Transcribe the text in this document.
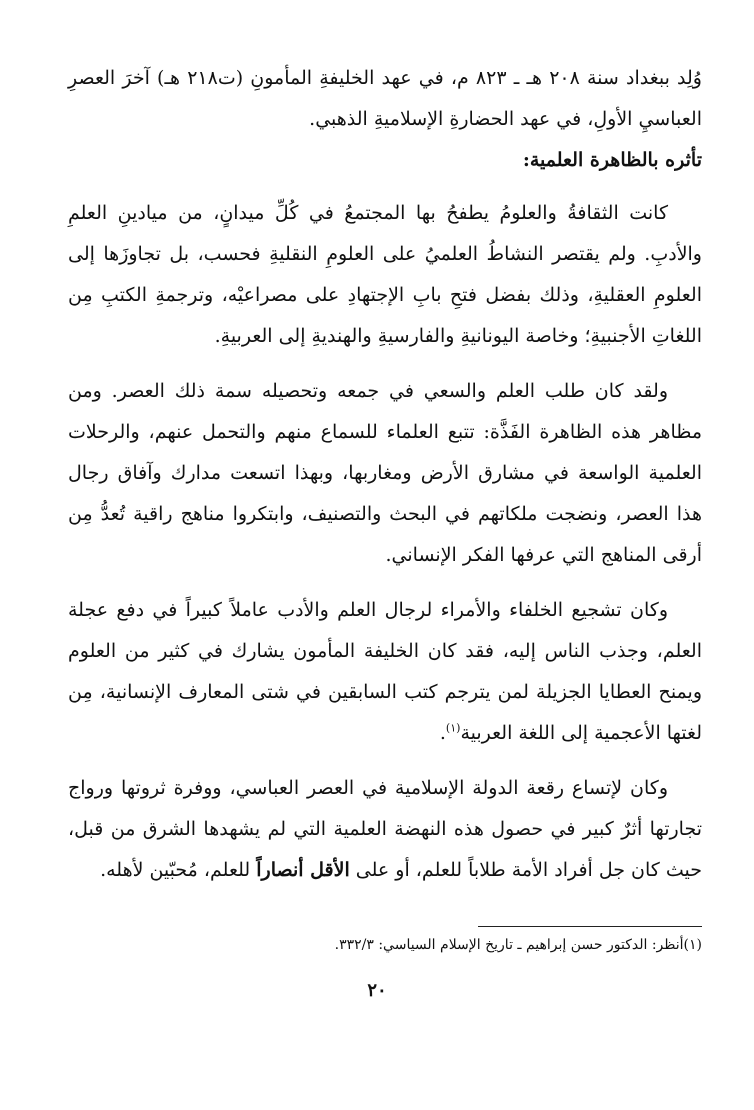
وُلِد ببغداد سنة ٢٠٨ هـ ـ ٨٢٣ م، في عهد الخليفةِ المأمونِ (ت٢١٨ هـ) آخرَ العصرِ العباسيِ الأولِ، في عهد الحضارةِ الإسلاميةِ الذهبي.

تأثره بالظاهرة العلمية:

كانت الثقافةُ والعلومُ يطفحُ بها المجتمعُ في كُلِّ ميدانٍ، من ميادينِ العلمِ والأدبِ. ولم يقتصر النشاطُ العلميُ على العلومِ النقليةِ فحسب، بل تجاوزَها إلى العلومِ العقليةِ، وذلك بفضل فتحِ بابِ الإجتهادِ على مصراعيْه، وترجمةِ الكتبِ مِن اللغاتِ الأجنبيةِ؛ وخاصة اليونانيةِ والفارسيةِ والهنديةِ إلى العربيةِ.

ولقد كان طلب العلم والسعي في جمعه وتحصيله سمة ذلك العصر. ومن مظاهر هذه الظاهرة الفَذَّة: تتبع العلماء للسماع منهم والتحمل عنهم، والرحلات العلمية الواسعة في مشارق الأرض ومغاربها، وبهذا اتسعت مدارك وآفاق رجال هذا العصر، ونضجت ملكاتهم في البحث والتصنيف، وابتكروا مناهج راقية تُعدُّ مِن أرقى المناهج التي عرفها الفكر الإنساني.

وكان تشجيع الخلفاء والأمراء لرجال العلم والأدب عاملاً كبيراً في دفع عجلة العلم، وجذب الناس إليه، فقد كان الخليفة المأمون يشارك في كثير من العلوم ويمنح العطايا الجزيلة لمن يترجم كتب السابقين في شتى المعارف الإنسانية، مِن لغتها الأعجمية إلى اللغة العربية$^{(١)}$.

وكان لإتساع رقعة الدولة الإسلامية في العصر العباسي، ووفرة ثروتها ورواج تجارتها أثرٌ كبير في حصول هذه النهضة العلمية التي لم يشهدها الشرق من قبل، حيث كان جل أفراد الأمة طلاباً للعلم، أو على الأقل أنصاراً للعلم، مُحبّين لأهله.

(١)أنظر: الدكتور حسن إبراهيم ـ تاريخ الإسلام السياسي: ٣٣٢/٣.
٢٠
